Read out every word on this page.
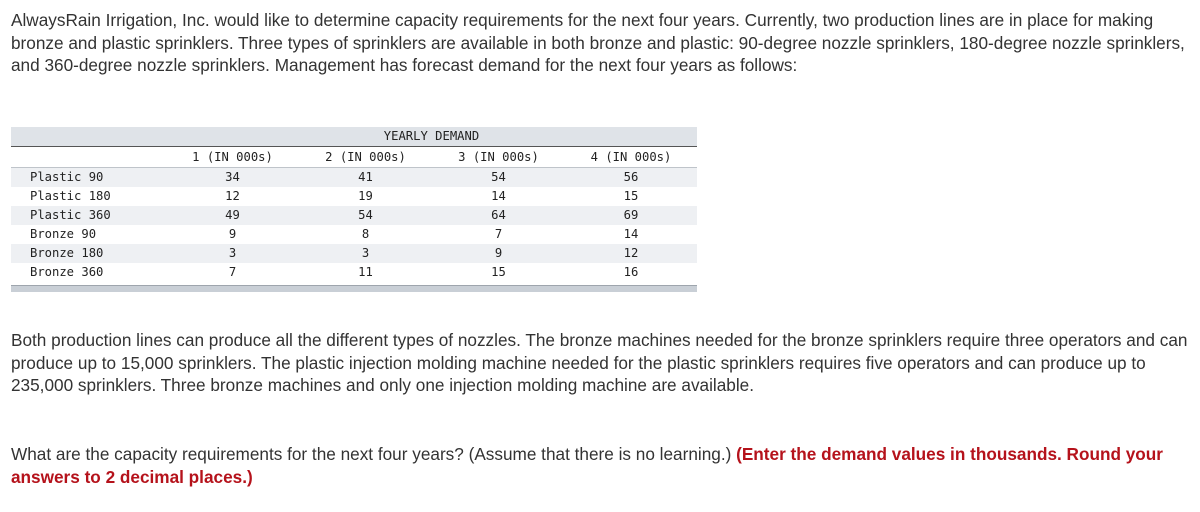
AlwaysRain Irrigation, Inc. would like to determine capacity requirements for the next four years. Currently, two production lines are in place for making bronze and plastic sprinklers. Three types of sprinklers are available in both bronze and plastic: 90-degree nozzle sprinklers, 180-degree nozzle sprinklers, and 360-degree nozzle sprinklers. Management has forecast demand for the next four years as follows:

	YEARLY DEMAND			
	1 (IN 000s)	2 (IN 000s)	3 (IN 000s)	4 (IN 000s)
Plastic 90	34	41	54	56
Plastic 180	12	19	14	15
Plastic 360	49	54	64	69
Bronze 90	9	8	7	14
Bronze 180	3	3	9	12
Bronze 360	7	11	15	16

Both production lines can produce all the different types of nozzles. The bronze machines needed for the bronze sprinklers require three operators and can produce up to 15,000 sprinklers. The plastic injection molding machine needed for the plastic sprinklers requires five operators and can produce up to 235,000 sprinklers. Three bronze machines and only one injection molding machine are available.

What are the capacity requirements for the next four years? (Assume that there is no learning.) (Enter the demand values in thousands. Round your answers to 2 decimal places.)
